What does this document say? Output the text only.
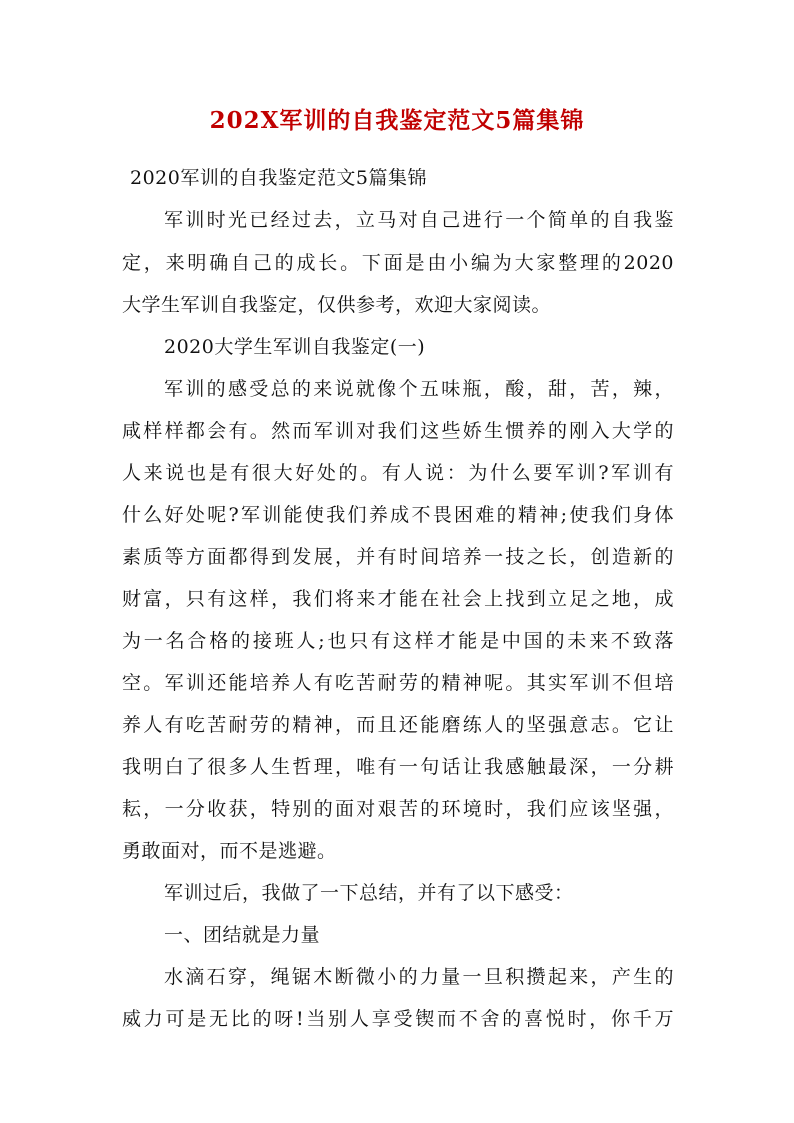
202X军训的自我鉴定范文5篇集锦
2020军训的自我鉴定范文5篇集锦
军训时光已经过去，立马对自己进行一个简单的自我鉴
定，来明确自己的成长。下面是由小编为大家整理的2020
大学生军训自我鉴定，仅供参考，欢迎大家阅读。
2020大学生军训自我鉴定(一)
军训的感受总的来说就像个五味瓶，酸，甜，苦，辣，
咸样样都会有。然而军训对我们这些娇生惯养的刚入大学的
人来说也是有很大好处的。有人说：为什么要军训?军训有
什么好处呢?军训能使我们养成不畏困难的精神;使我们身体
素质等方面都得到发展，并有时间培养一技之长，创造新的
财富，只有这样，我们将来才能在社会上找到立足之地，成
为一名合格的接班人;也只有这样才能是中国的未来不致落
空。军训还能培养人有吃苦耐劳的精神呢。其实军训不但培
养人有吃苦耐劳的精神，而且还能磨练人的坚强意志。它让
我明白了很多人生哲理，唯有一句话让我感触最深，一分耕
耘，一分收获，特别的面对艰苦的环境时，我们应该坚强，
勇敢面对，而不是逃避。
军训过后，我做了一下总结，并有了以下感受：
一、团结就是力量
水滴石穿，绳锯木断微小的力量一旦积攒起来，产生的
威力可是无比的呀!当别人享受锲而不舍的喜悦时，你千万
